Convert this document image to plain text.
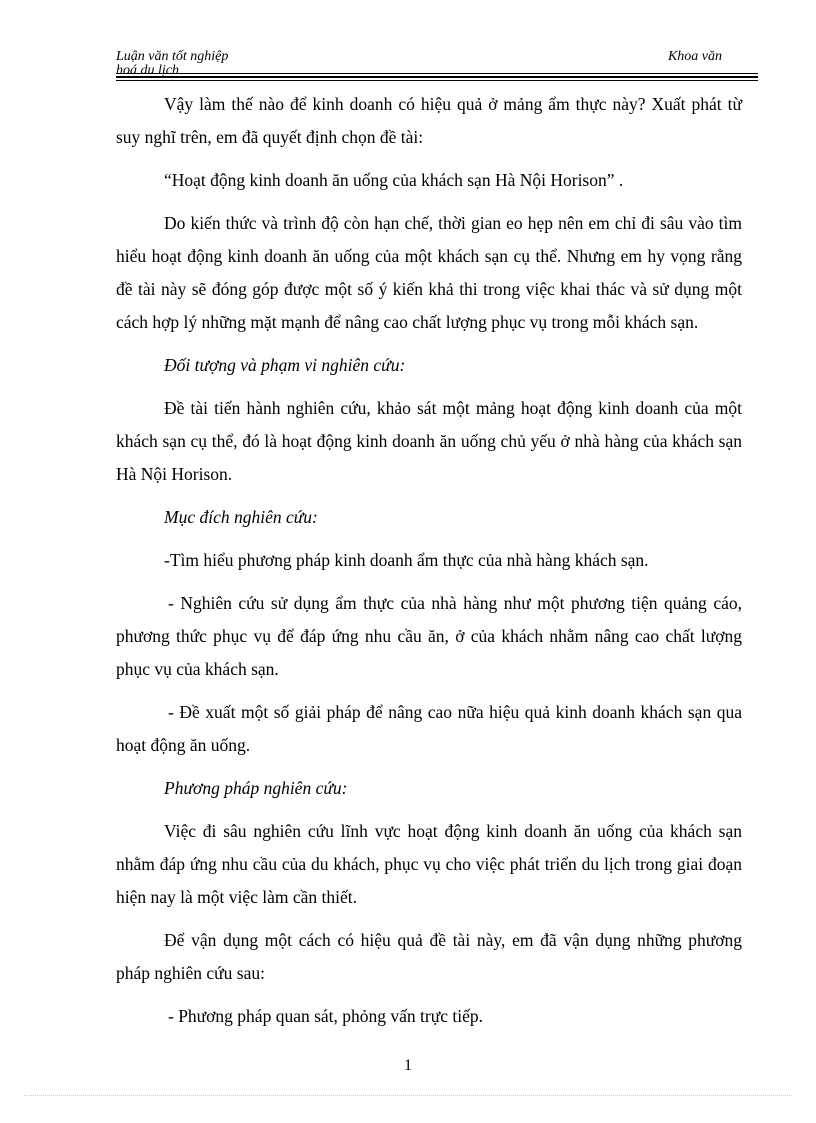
Luận văn tốt nghiệp
hoá du lịch
Khoa văn

Vậy làm thế nào để kinh doanh có hiệu quả ở mảng ẩm thực này? Xuất phát từ suy nghĩ trên, em đã quyết định chọn đề tài:

“Hoạt động kinh doanh ăn uống của khách sạn Hà Nội Horison” .

Do kiến thức và trình độ còn hạn chế, thời gian eo hẹp nên em chỉ đi sâu vào tìm hiểu hoạt động kinh doanh ăn uống của một khách sạn cụ thể. Nhưng em hy vọng rằng đề tài này sẽ đóng góp được một số ý kiến khả thi trong việc khai thác và sử dụng một cách hợp lý những mặt mạnh để nâng cao chất lượng phục vụ trong mỗi khách sạn.

Đối tượng và phạm vi nghiên cứu:

Đề tài tiến hành nghiên cứu, khảo sát một mảng hoạt động kinh doanh của một khách sạn cụ thể, đó là hoạt động kinh doanh ăn uống chủ yếu ở nhà hàng của khách sạn Hà Nội Horison.

Mục đích nghiên cứu:

-Tìm hiểu phương pháp kinh doanh ẩm thực của nhà hàng khách sạn.

- Nghiên cứu sử dụng ẩm thực của nhà hàng như một phương tiện quảng cáo, phương thức phục vụ để đáp ứng nhu cầu ăn, ở của khách nhằm nâng cao chất lượng phục vụ của khách sạn.

- Đề xuất một số giải pháp để nâng cao nữa hiệu quả kinh doanh khách sạn qua hoạt động ăn uống.

Phương pháp nghiên cứu:

Việc đi sâu nghiên cứu lĩnh vực hoạt động kinh doanh ăn uống của khách sạn nhằm đáp ứng nhu cầu của du khách, phục vụ cho việc phát triển du lịch trong giai đoạn hiện nay là một việc làm cần thiết.

Để vận dụng một cách có hiệu quả đề tài này, em đã vận dụng những phương pháp nghiên cứu sau:

- Phương pháp quan sát, phỏng vấn trực tiếp.

1
